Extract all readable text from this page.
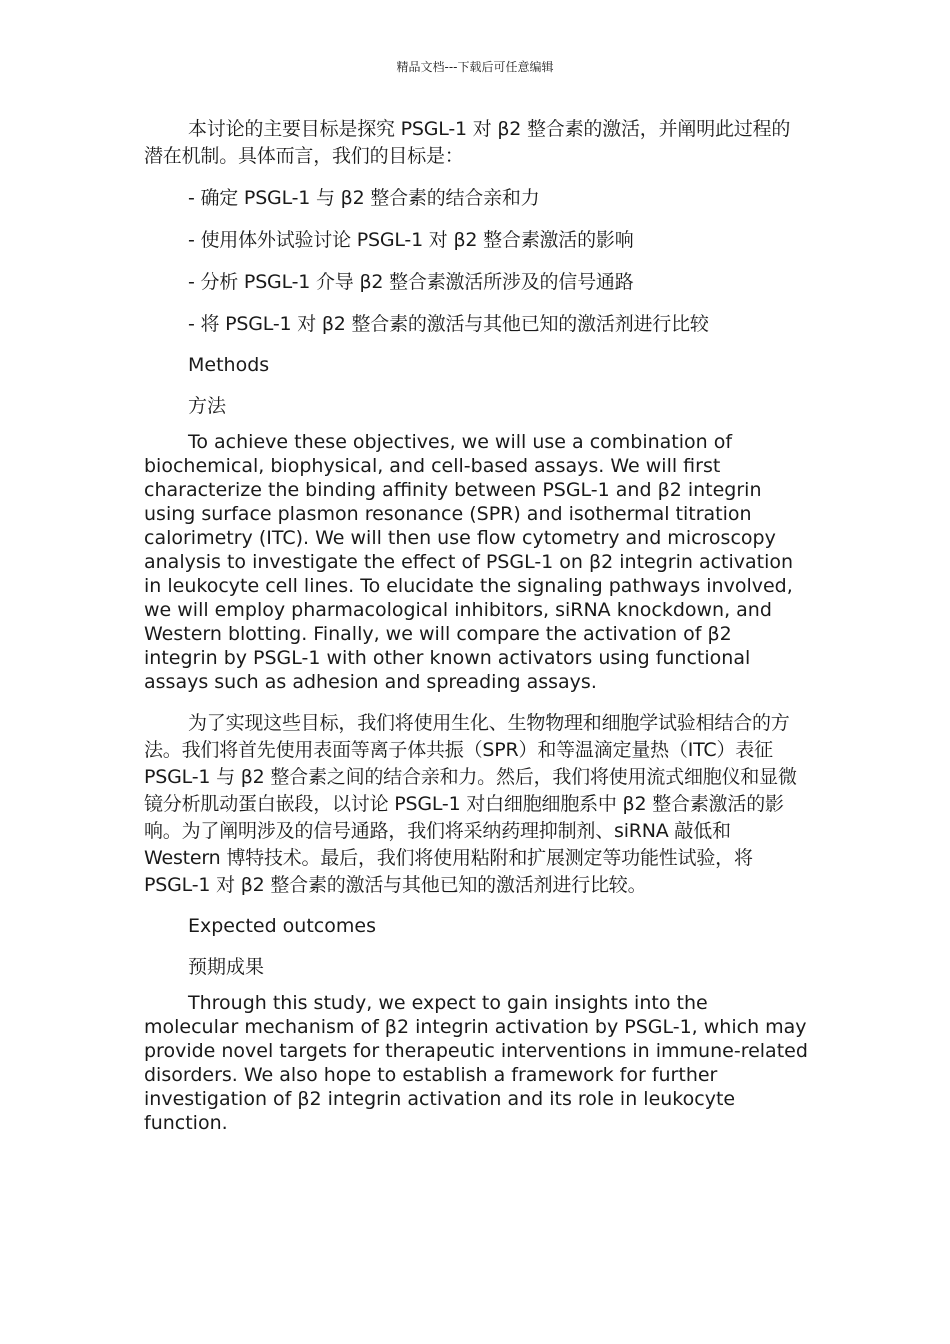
精品文档---下载后可任意编辑

本讨论的主要目标是探究 PSGL-1 对 β2 整合素的激活，并阐明此过程的潜在机制。具体而言，我们的目标是：

- 确定 PSGL-1 与 β2 整合素的结合亲和力

- 使用体外试验讨论 PSGL-1 对 β2 整合素激活的影响

- 分析 PSGL-1 介导 β2 整合素激活所涉及的信号通路

- 将 PSGL-1 对 β2 整合素的激活与其他已知的激活剂进行比较

Methods

方法

To achieve these objectives, we will use a combination of biochemical, biophysical, and cell-based assays. We will first characterize the binding affinity between PSGL-1 and β2 integrin using surface plasmon resonance (SPR) and isothermal titration calorimetry (ITC). We will then use flow cytometry and microscopy analysis to investigate the effect of PSGL-1 on β2 integrin activation in leukocyte cell lines. To elucidate the signaling pathways involved, we will employ pharmacological inhibitors, siRNA knockdown, and Western blotting. Finally, we will compare the activation of β2 integrin by PSGL-1 with other known activators using functional assays such as adhesion and spreading assays.

为了实现这些目标，我们将使用生化、生物物理和细胞学试验相结合的方法。我们将首先使用表面等离子体共振（SPR）和等温滴定量热（ITC）表征 PSGL-1 与 β2 整合素之间的结合亲和力。然后，我们将使用流式细胞仪和显微镜分析肌动蛋白嵌段，以讨论 PSGL-1 对白细胞细胞系中 β2 整合素激活的影响。为了阐明涉及的信号通路，我们将采纳药理抑制剂、siRNA 敲低和 Western 博特技术。最后，我们将使用粘附和扩展测定等功能性试验，将 PSGL-1 对 β2 整合素的激活与其他已知的激活剂进行比较。

Expected outcomes

预期成果

Through this study, we expect to gain insights into the molecular mechanism of β2 integrin activation by PSGL-1, which may provide novel targets for therapeutic interventions in immune-related disorders. We also hope to establish a framework for further investigation of β2 integrin activation and its role in leukocyte function.
